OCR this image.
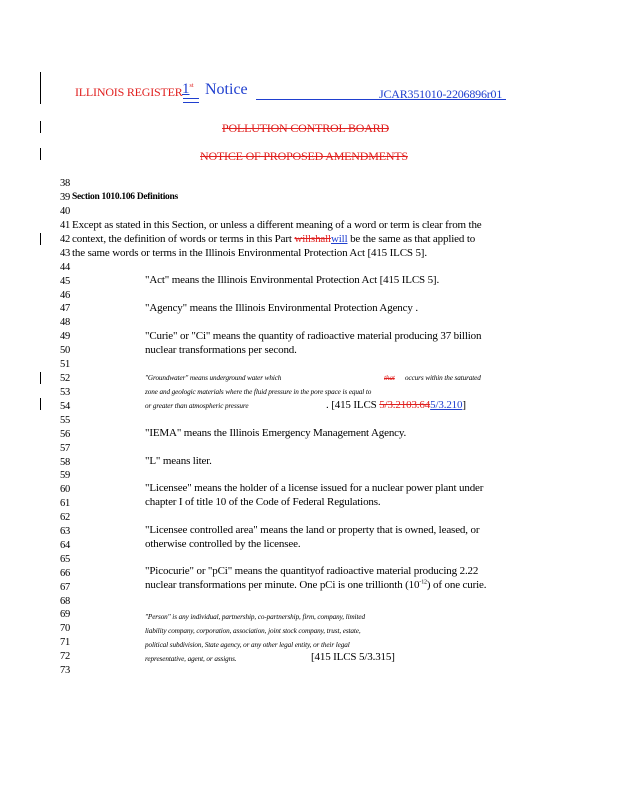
ILLINOIS REGISTER 1st Notice	JCAR351010-2206896r01
POLLUTION CONTROL BOARD
NOTICE OF PROPOSED AMENDMENTS
38
39
40
41
42
43
44
45
46
47
48
49
50
51
52
53
54
55
56
57
58
59
60
61
62
63
64
65
66
67
68
69
70
71
72
73
Section 1010.106 Definitions
Except as stated in this Section, or unless a different meaning of a word or term is clear from the
context, the definition of words or terms in this Part willshallwill be the same as that applied to
the same words or terms in the Illinois Environmental Protection Act [415 ILCS 5].
"Act" means the Illinois Environmental Protection Act [415 ILCS 5].
"Agency" means the Illinois Environmental Protection Agency .
"Curie" or "Ci" means the quantity of radioactive material producing 37 billion
nuclear transformations per second.
"Groundwater" means underground water which	that occurs within the saturated
zone and geologic materials where the fluid pressure in the pore space is equal to
or greater than atmospheric pressure	. [415 ILCS 5/3.2103.645/3.210]
"IEMA" means the Illinois Emergency Management Agency.
"L" means liter.
"Licensee" means the holder of a license issued for a nuclear power plant under
chapter I of title 10 of the Code of Federal Regulations.
"Licensee controlled area" means the land or property that is owned, leased, or
otherwise controlled by the licensee.
"Picocurie" or "pCi" means the quantityof radioactive material producing 2.22
nuclear transformations per minute. One pCi is one trillionth $(10^{-12})$ of one curie.
"Person" is any individual, partnership, co-partnership, firm, company, limited
liability company, corporation, association, joint stock company, trust, estate,
political subdivision, State agency, or any other legal entity, or their legal
representative, agent, or assigns.	[415 ILCS 5/3.315]
